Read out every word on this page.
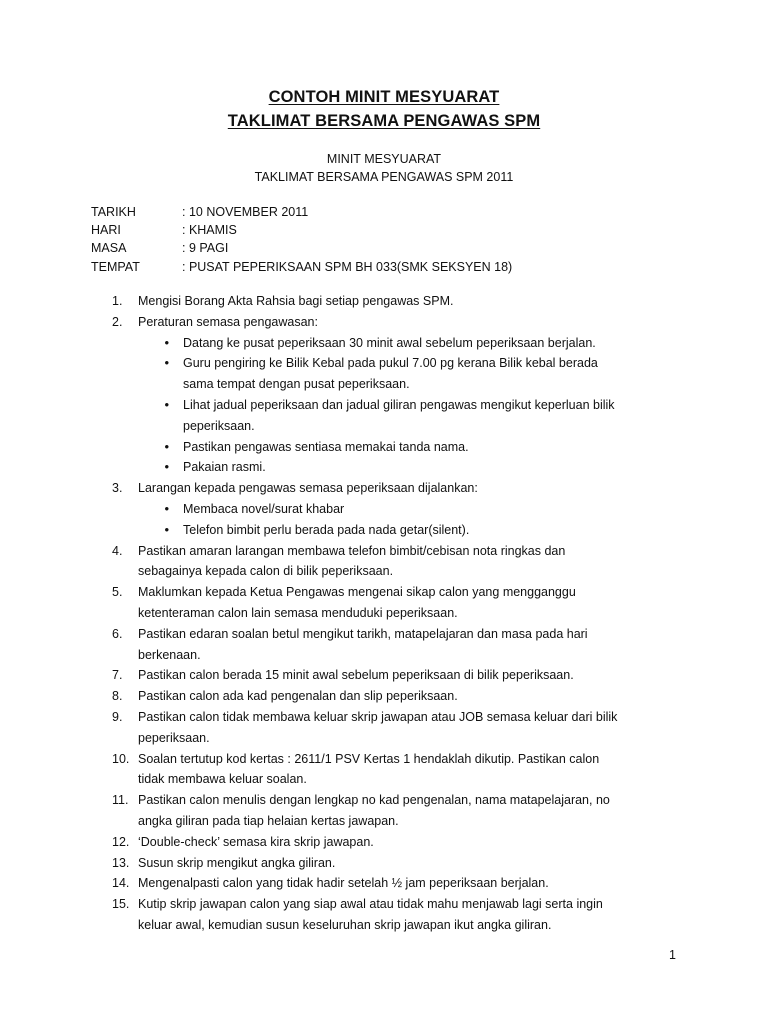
CONTOH MINIT MESYUARAT
TAKLIMAT BERSAMA PENGAWAS SPM
MINIT MESYUARAT
TAKLIMAT BERSAMA PENGAWAS SPM 2011
TARIKH	: 10 NOVEMBER 2011
HARI	: KHAMIS
MASA	: 9 PAGI
TEMPAT	: PUSAT PEPERIKSAAN SPM BH 033(SMK SEKSYEN 18)
1.	Mengisi Borang Akta Rahsia bagi setiap pengawas SPM.
2.	Peraturan semasa pengawasan:
•	Datang ke pusat peperiksaan 30 minit awal sebelum peperiksaan berjalan.
•	Guru pengiring ke Bilik Kebal pada pukul 7.00 pg kerana Bilik kebal berada
sama tempat dengan pusat peperiksaan.
•	Lihat jadual peperiksaan dan jadual giliran pengawas mengikut keperluan bilik
peperiksaan.
•	Pastikan pengawas sentiasa memakai tanda nama.
•	Pakaian rasmi.
3.	Larangan kepada pengawas semasa peperiksaan dijalankan:
•	Membaca novel/surat khabar
•	Telefon bimbit perlu berada pada nada getar(silent).
4.	Pastikan amaran larangan membawa telefon bimbit/cebisan nota ringkas dan
sebagainya kepada calon di bilik peperiksaan.
5.	Maklumkan kepada Ketua Pengawas mengenai sikap calon yang mengganggu
ketenteraman calon lain semasa menduduki peperiksaan.
6.	Pastikan edaran soalan betul mengikut tarikh, matapelajaran dan masa pada hari
berkenaan.
7.	Pastikan calon berada 15 minit awal sebelum peperiksaan di bilik peperiksaan.
8.	Pastikan calon ada kad pengenalan dan slip peperiksaan.
9.	Pastikan calon tidak membawa keluar skrip jawapan atau JOB semasa keluar dari bilik
peperiksaan.
10. Soalan tertutup kod kertas : 2611/1 PSV Kertas 1 hendaklah dikutip. Pastikan calon
tidak membawa keluar soalan.
11. Pastikan calon menulis dengan lengkap no kad pengenalan, nama matapelajaran, no
angka giliran pada tiap helaian kertas jawapan.
12. ‘Double-check’ semasa kira skrip jawapan.
13. Susun skrip mengikut angka giliran.
14. Mengenalpasti calon yang tidak hadir setelah ½ jam peperiksaan berjalan.
15. Kutip skrip jawapan calon yang siap awal atau tidak mahu menjawab lagi serta ingin
keluar awal, kemudian susun keseluruhan skrip jawapan ikut angka giliran.
1
